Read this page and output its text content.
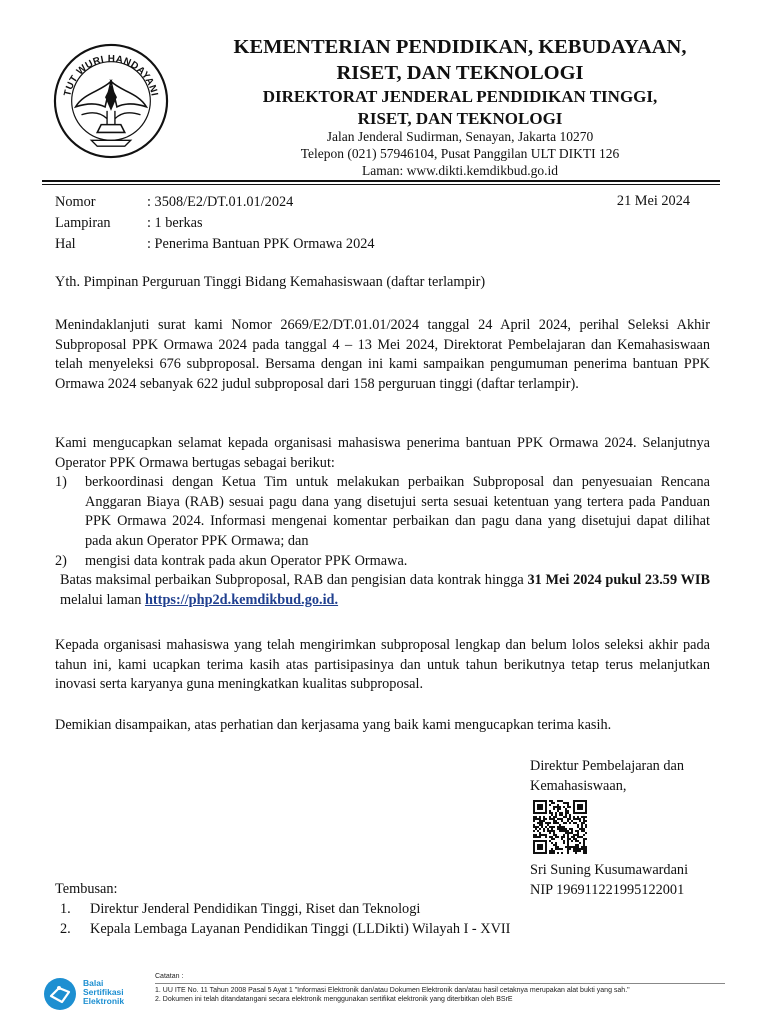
TUT WURI HANDAYANI
KEMENTERIAN PENDIDIKAN, KEBUDAYAAN,
RISET, DAN TEKNOLOGI
DIREKTORAT JENDERAL PENDIDIKAN TINGGI,
RISET, DAN TEKNOLOGI
Jalan Jenderal Sudirman, Senayan, Jakarta 10270
Telepon (021) 57946104, Pusat Panggilan ULT DIKTI 126
Laman: www.dikti.kemdikbud.go.id
Nomor	: 3508/E2/DT.01.01/2024
Lampiran	: 1 berkas
Hal	: Penerima Bantuan PPK Ormawa 2024
21 Mei 2024
Yth. Pimpinan Perguruan Tinggi Bidang Kemahasiswaan (daftar terlampir)
Menindaklanjuti surat kami Nomor 2669/E2/DT.01.01/2024 tanggal 24 April 2024, perihal Seleksi Akhir Subproposal PPK Ormawa 2024 pada tanggal 4 – 13 Mei 2024, Direktorat Pembelajaran dan Kemahasiswaan telah menyeleksi 676 subproposal. Bersama dengan ini kami sampaikan pengumuman penerima bantuan PPK Ormawa 2024 sebanyak 622 judul subproposal dari 158 perguruan tinggi (daftar terlampir).
Kami mengucapkan selamat kepada organisasi mahasiswa penerima bantuan PPK Ormawa 2024. Selanjutnya Operator PPK Ormawa bertugas sebagai berikut:
1)	berkoordinasi dengan Ketua Tim untuk melakukan perbaikan Subproposal dan penyesuaian Rencana Anggaran Biaya (RAB) sesuai pagu dana yang disetujui serta sesuai ketentuan yang tertera pada Panduan PPK Ormawa 2024. Informasi mengenai komentar perbaikan dan pagu dana yang disetujui dapat dilihat pada akun Operator PPK Ormawa; dan
2)	mengisi data kontrak pada akun Operator PPK Ormawa.
Batas maksimal perbaikan Subproposal, RAB dan pengisian data kontrak hingga 31 Mei 2024 pukul 23.59 WIB melalui laman https://php2d.kemdikbud.go.id.
Kepada organisasi mahasiswa yang telah mengirimkan subproposal lengkap dan belum lolos seleksi akhir pada tahun ini, kami ucapkan terima kasih atas partisipasinya dan untuk tahun berikutnya tetap terus melanjutkan inovasi serta karyanya guna meningkatkan kualitas subproposal.
Demikian disampaikan, atas perhatian dan kerjasama yang baik kami mengucapkan terima kasih.
Direktur Pembelajaran dan
Kemahasiswaan,
Sri Suning Kusumawardani
NIP 196911221995122001
Tembusan:
1.	Direktur Jenderal Pendidikan Tinggi, Riset dan Teknologi
2.	Kepala Lembaga Layanan Pendidikan Tinggi (LLDikti) Wilayah I - XVII
Balai
Sertifikasi
Elektronik
Catatan :
1. UU ITE No. 11 Tahun 2008 Pasal 5 Ayat 1 "Informasi Elektronik dan/atau Dokumen Elektronik dan/atau hasil cetaknya merupakan alat bukti yang sah."
2. Dokumen ini telah ditandatangani secara elektronik menggunakan sertifikat elektronik yang diterbitkan oleh BSrE
